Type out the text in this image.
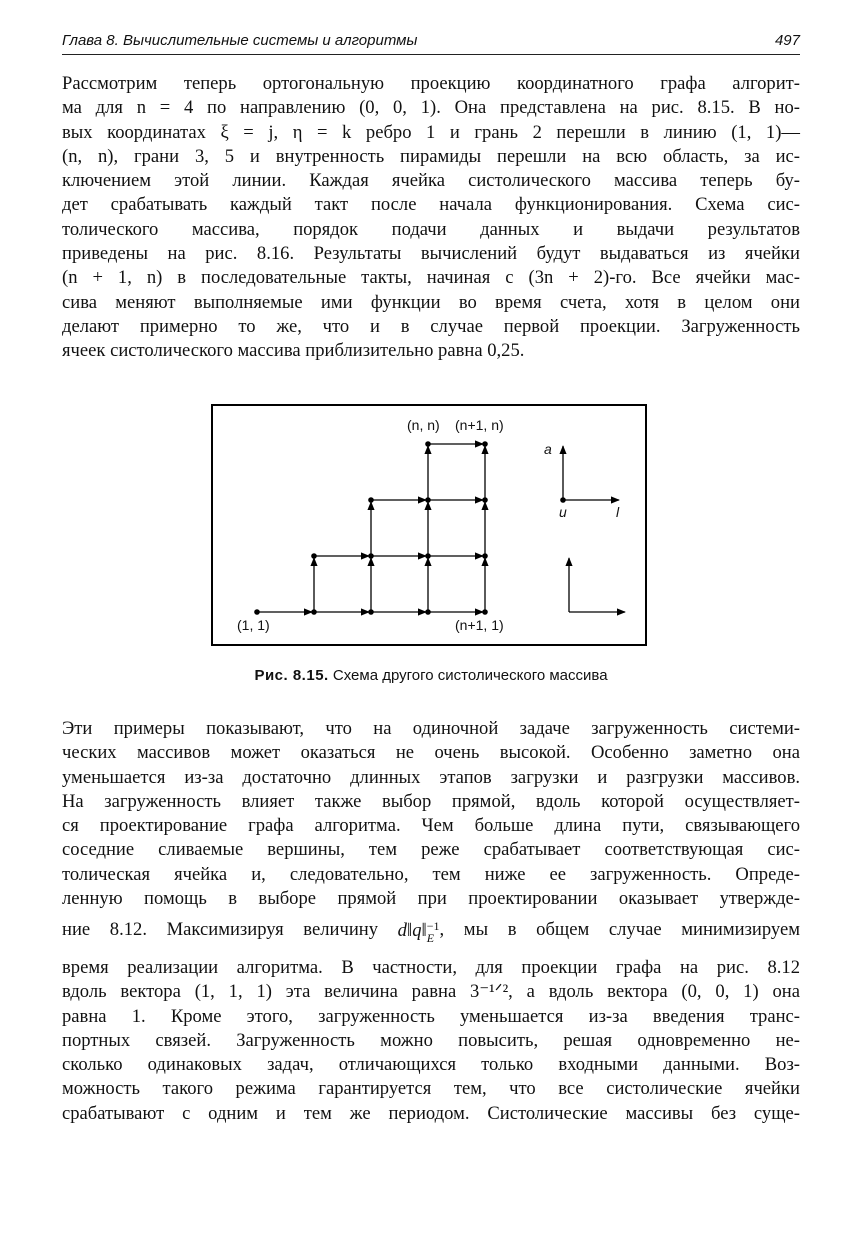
Глава 8. Вычислительные системы и алгоритмы	497
Рассмотрим теперь ортогональную проекцию координатного графа алгорит-
ма для n = 4 по направлению (0, 0, 1). Она представлена на рис. 8.15. В но-
вых координатах ξ = j, η = k ребро 1 и грань 2 перешли в линию (1, 1)—
(n, n), грани 3, 5 и внутренность пирамиды перешли на всю область, за ис-
ключением этой линии. Каждая ячейка систолического массива теперь бу-
дет срабатывать каждый такт после начала функционирования. Схема сис-
толического массива, порядок подачи данных и выдачи результатов
приведены на рис. 8.16. Результаты вычислений будут выдаваться из ячейки
(n + 1, n) в последовательные такты, начиная с (3n + 2)-го. Все ячейки мас-
сива меняют выполняемые ими функции во время счета, хотя в целом они
делают примерно то же, что и в случае первой проекции. Загруженность
ячеек систолического массива приблизительно равна 0,25.
(n, n) (n+1, n)
(1, 1)	(n+1, 1)
a
u	l
Рис. 8.15. Схема другого систолического массива
Эти примеры показывают, что на одиночной задаче загруженность системи-
ческих массивов может оказаться не очень высокой. Особенно заметно она
уменьшается из-за достаточно длинных этапов загрузки и разгрузки массивов.
На загруженность влияет также выбор прямой, вдоль которой осуществляет-
ся проектирование графа алгоритма. Чем больше длина пути, связывающего
соседние сливаемые вершины, тем реже срабатывает соответствующая сис-
толическая ячейка и, следовательно, тем ниже ее загруженность. Опреде-
ленную помощь в выборе прямой при проектировании оказывает утвержде-
ние 8.12. Максимизируя величину d‖q‖ −1
E , мы в общем случае минимизируем
время реализации алгоритма. В частности, для проекции графа на рис. 8.12
вдоль вектора (1, 1, 1) эта величина равна 3⁻¹ᐟ², а вдоль вектора (0, 0, 1) она
равна 1. Кроме этого, загруженность уменьшается из-за введения транс-
портных связей. Загруженность можно повысить, решая одновременно не-
сколько одинаковых задач, отличающихся только входными данными. Воз-
можность такого режима гарантируется тем, что все систолические ячейки
срабатывают с одним и тем же периодом. Систолические массивы без суще-
